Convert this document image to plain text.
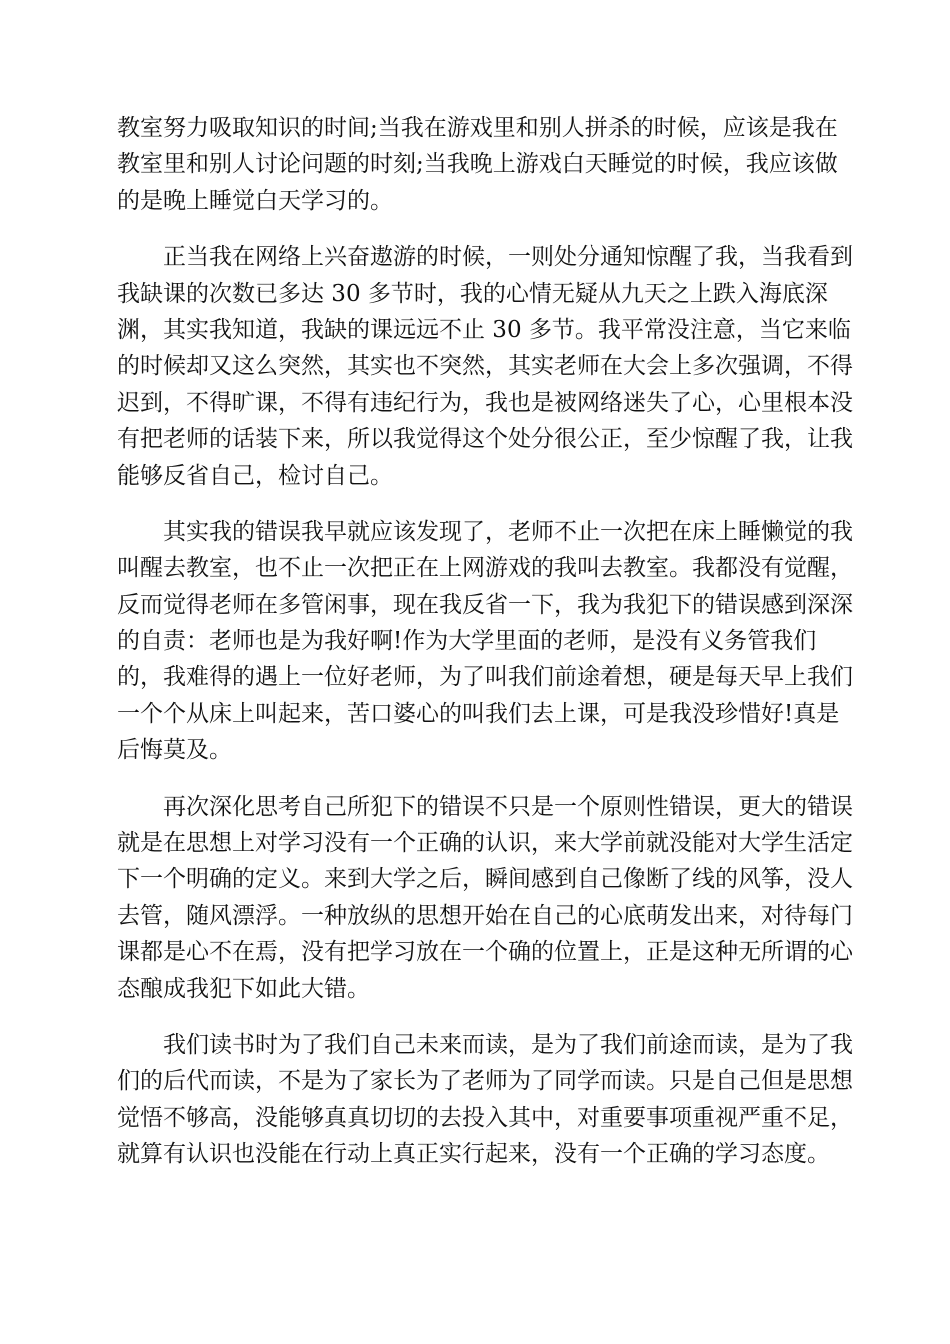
教室努力吸取知识的时间;当我在游戏里和别人拼杀的时候，应该是我在
教室里和别人讨论问题的时刻;当我晚上游戏白天睡觉的时候，我应该做
的是晚上睡觉白天学习的。

正当我在网络上兴奋遨游的时候，一则处分通知惊醒了我，当我看到
我缺课的次数已多达 30 多节时，我的心情无疑从九天之上跌入海底深
渊，其实我知道，我缺的课远远不止 30 多节。我平常没注意，当它来临
的时候却又这么突然，其实也不突然，其实老师在大会上多次强调，不得
迟到，不得旷课，不得有违纪行为，我也是被网络迷失了心，心里根本没
有把老师的话装下来，所以我觉得这个处分很公正，至少惊醒了我，让我
能够反省自己，检讨自己。

其实我的错误我早就应该发现了，老师不止一次把在床上睡懒觉的我
叫醒去教室，也不止一次把正在上网游戏的我叫去教室。我都没有觉醒，
反而觉得老师在多管闲事，现在我反省一下，我为我犯下的错误感到深深
的自责：老师也是为我好啊!作为大学里面的老师，是没有义务管我们
的，我难得的遇上一位好老师，为了叫我们前途着想，硬是每天早上我们
一个个从床上叫起来，苦口婆心的叫我们去上课，可是我没珍惜好!真是
后悔莫及。

再次深化思考自己所犯下的错误不只是一个原则性错误，更大的错误
就是在思想上对学习没有一个正确的认识，来大学前就没能对大学生活定
下一个明确的定义。来到大学之后，瞬间感到自己像断了线的风筝，没人
去管，随风漂浮。一种放纵的思想开始在自己的心底萌发出来，对待每门
课都是心不在焉，没有把学习放在一个确的位置上，正是这种无所谓的心
态酿成我犯下如此大错。

我们读书时为了我们自己未来而读，是为了我们前途而读，是为了我
们的后代而读，不是为了家长为了老师为了同学而读。只是自己但是思想
觉悟不够高，没能够真真切切的去投入其中，对重要事项重视严重不足，
就算有认识也没能在行动上真正实行起来，没有一个正确的学习态度。
